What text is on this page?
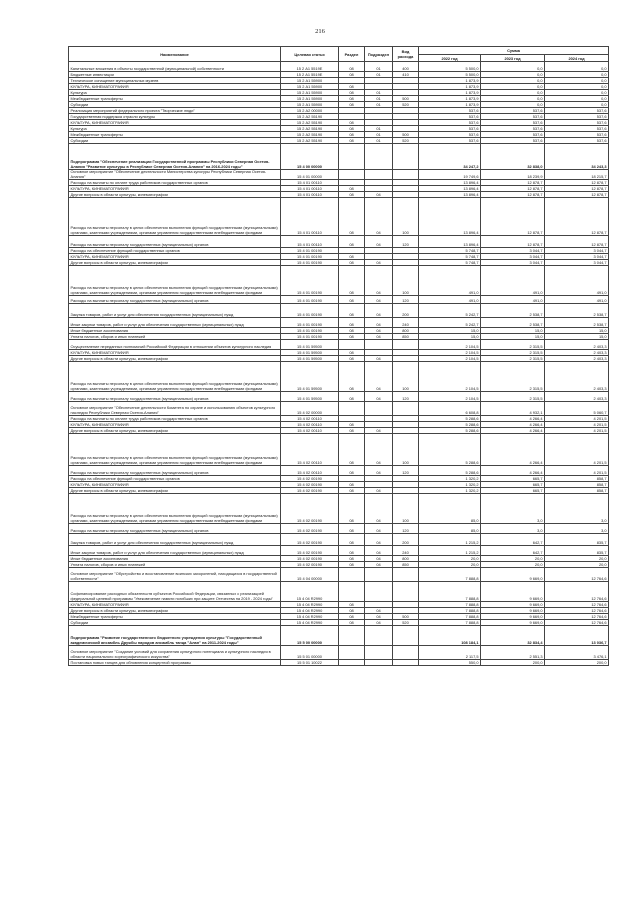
216
Наименование	Целевая статья	Раздел	Подраздел	Вид расхода	Сумма		
					2022 год	2023 год	2024 год
Капитальные вложения в объекты государственной (муниципальной) собственности	15 2 А1 5519Е	08	01	400	5 500,0	0,0	0,0
Бюджетные инвестиции	15 2 А1 5519Е	08	01	410	5 500,0	0,0	0,0
Техническое оснащение муниципальных музеев	15 2 А1 55900				1 873,9	0,0	0,0
КУЛЬТУРА, КИНЕМАТОГРАФИЯ	15 2 А1 55900	08			1 873,9	0,0	0,0
Культура	15 2 А1 55900	08	01		1 873,9	0,0	0,0
Межбюджетные трансферты	15 2 А1 55900	08	01	500	1 873,9	0,0	0,0
Субсидии	15 2 А1 55900	08	01	520	1 873,9	0,0	0,0
Реализация мероприятий федерального проекта "Творческие люди"	15 2 А2 00000				537,6	537,6	537,6
Государственная поддержка отрасли культуры	15 2 А2 55190				537,6	537,6	537,6
КУЛЬТУРА, КИНЕМАТОГРАФИЯ	15 2 А2 55190	08			537,6	537,6	537,6
Культура	15 2 А2 55190	08	01		537,6	537,6	537,6
Межбюджетные трансферты	15 2 А2 55190	08	01	500	537,6	537,6	537,6
Субсидии	15 2 А2 55190	08	01	520	537,6	537,6	537,6
Подпрограмма "Обеспечение реализации Государственной программы Республики Северная Осетия-Алания "Развитие культуры в Республике Северная Осетия-Алания" на 2016-2024 годы"	15 4 00 00000				34 247,2	32 838,0	34 243,3
Основное мероприятие "Обеспечение деятельности Министерства культуры Республики Северная Осетия-Алания"	15 4 01 00000				19 749,6	18 239,9	18 215,7
Расходы на выплаты по оплате труда работников государственных органов	15 4 01 00110				13 896,4	12 878,7	12 878,7
КУЛЬТУРА, КИНЕМАТОГРАФИЯ	15 4 01 00110	08			13 896,4	12 878,7	12 878,7
Другие вопросы в области культуры, кинематографии	15 4 01 00110	08	04		13 896,4	12 878,7	12 878,7
Расходы на выплаты персоналу в целях обеспечения выполнения функций государственными (муниципальными) органами, казенными учреждениями, органами управления государственными внебюджетными фондами	15 4 01 00110	08	04	100	13 896,4	12 878,7	12 878,7
Расходы на выплаты персоналу государственных (муниципальных) органов	15 4 01 00110	08	04	120	13 896,4	12 878,7	12 878,7
Расходы на обеспечение функций государственных органов	15 4 01 00190				5 748,7	3 044,7	3 044,7
КУЛЬТУРА, КИНЕМАТОГРАФИЯ	15 4 01 00190	08			5 748,7	3 044,7	3 044,7
Другие вопросы в области культуры, кинематографии	15 4 01 00190	08	04		5 748,7	3 044,7	3 044,7
Расходы на выплаты персоналу в целях обеспечения выполнения функций государственными (муниципальными) органами, казенными учреждениями, органами управления государственными внебюджетными фондами	15 4 01 00190	08	04	100	491,0	491,0	491,0
Расходы на выплаты персоналу государственных (муниципальных) органов	15 4 01 00190	08	04	120	491,0	491,0	491,0
Закупка товаров, работ и услуг для обеспечения государственных (муниципальных) нужд	15 4 01 00190	08	04	200	5 242,7	2 538,7	2 538,7
Иные закупки товаров, работ и услуг для обеспечения государственных (муниципальных) нужд	15 4 01 00190	08	04	240	5 242,7	2 538,7	2 538,7
Иные бюджетные ассигнования	15 4 01 00190	08	04	800	15,0	15,0	15,0
Уплата налогов, сборов и иных платежей	15 4 01 00190	08	04	850	15,0	15,0	15,0
Осуществление переданных полномочий Российской Федерации в отношении объектов культурного наследия	15 4 01 59500				2 104,5	2 315,5	2 403,3
КУЛЬТУРА, КИНЕМАТОГРАФИЯ	15 4 01 59500	08			2 104,5	2 315,5	2 403,3
Другие вопросы в области культуры, кинематографии	15 4 01 59500	08	04		2 104,5	2 315,5	2 403,3
Расходы на выплаты персоналу в целях обеспечения выполнения функций государственными (муниципальными) органами, казенными учреждениями, органами управления государственными внебюджетными фондами	15 4 01 59500	08	04	100	2 104,5	2 315,5	2 403,3
Расходы на выплаты персоналу государственных (муниципальных) органов	15 4 01 59500	08	04	120	2 104,5	2 315,5	2 403,3
Основное мероприятие "Обеспечение деятельности Комитета по охране и использованию объектов культурного наследия Республики Северная Осетия-Алания"	15 4 02 00000				6 608,8	4 932,1	5 060,7
Расходы на выплаты по оплате труда работников государственных органов	15 4 02 00110				5 288,6	4 266,4	4 201,5
КУЛЬТУРА, КИНЕМАТОГРАФИЯ	15 4 02 00110	08			5 288,6	4 266,4	4 201,5
Другие вопросы в области культуры, кинематографии	15 4 02 00110	08	04		5 288,6	4 266,4	4 201,5
Расходы на выплаты персоналу в целях обеспечения выполнения функций государственными (муниципальными) органами, казенными учреждениями, органами управления государственными внебюджетными фондами	15 4 02 00110	08	04	100	5 288,6	4 266,4	4 201,5
Расходы на выплаты персоналу государственных (муниципальных) органов	15 4 02 00110	08	04	120	5 288,6	4 266,4	4 201,5
Расходы на обеспечение функций государственных органов	15 4 02 00190				1 320,2	665,7	858,7
КУЛЬТУРА, КИНЕМАТОГРАФИЯ	15 4 02 00190	08			1 320,2	665,7	858,7
Другие вопросы в области культуры, кинематографии	15 4 02 00190	08	04		1 320,2	665,7	858,7
Расходы на выплаты персоналу в целях обеспечения выполнения функций государственными (муниципальными) органами, казенными учреждениями, органами управления государственными внебюджетными фондами	15 4 02 00190	08	04	100	85,0	3,0	3,0
Расходы на выплаты персоналу государственных (муниципальных) органов	15 4 02 00190	08	04	120	85,0	3,0	3,0
Закупка товаров, работ и услуг для обеспечения государственных (муниципальных) нужд	15 4 02 00190	08	04	200	1 215,2	642,7	835,7
Иные закупки товаров, работ и услуг для обеспечения государственных (муниципальных) нужд	15 4 02 00190	08	04	240	1 215,2	642,7	835,7
Иные бюджетные ассигнования	15 4 02 00190	08	04	800	20,0	20,0	20,0
Уплата налогов, сборов и иных платежей	15 4 02 00190	08	04	850	20,0	20,0	20,0
Основное мероприятие "Обустройство и восстановление воинских захоронений, находящихся в государственной собственности"	15 4 04 00000				7 888,8	9 669,0	12 764,6
Софинансирование расходных обязательств субъектов Российской Федерации, связанных с реализацией федеральной целевой программы "Увековечение памяти погибших при защите Отечества на 2019 - 2024 годы"	15 4 04 R2990				7 888,8	9 669,0	12 764,6
КУЛЬТУРА, КИНЕМАТОГРАФИЯ	15 4 04 R2990	08			7 888,8	9 669,0	12 764,6
Другие вопросы в области культуры, кинематографии	15 4 04 R2990	08	04		7 888,8	9 669,0	12 764,6
Межбюджетные трансферты	15 4 04 R2990	08	04	500	7 888,8	9 669,0	12 764,6
Субсидии	15 4 04 R2990	08	04	520	7 888,8	9 669,0	12 764,6
Подпрограмма "Развитие государственного бюджетного учреждения культуры "Государственный академический ансамбль Дружбы народов ансамбль танца "Алан" на 2011-2024 годы"	15 5 00 00000				108 184,1	32 834,4	13 036,7
Основное мероприятие "Создание условий для сохранения культурного потенциала и культурного наследия в области национального хореографического искусства"	15 5 01 00000				2 117,5	2 551,3	3 476,1
Постановка новых танцев для обновления концертной программы	15 5 01 10022				550,0	200,0	200,0
